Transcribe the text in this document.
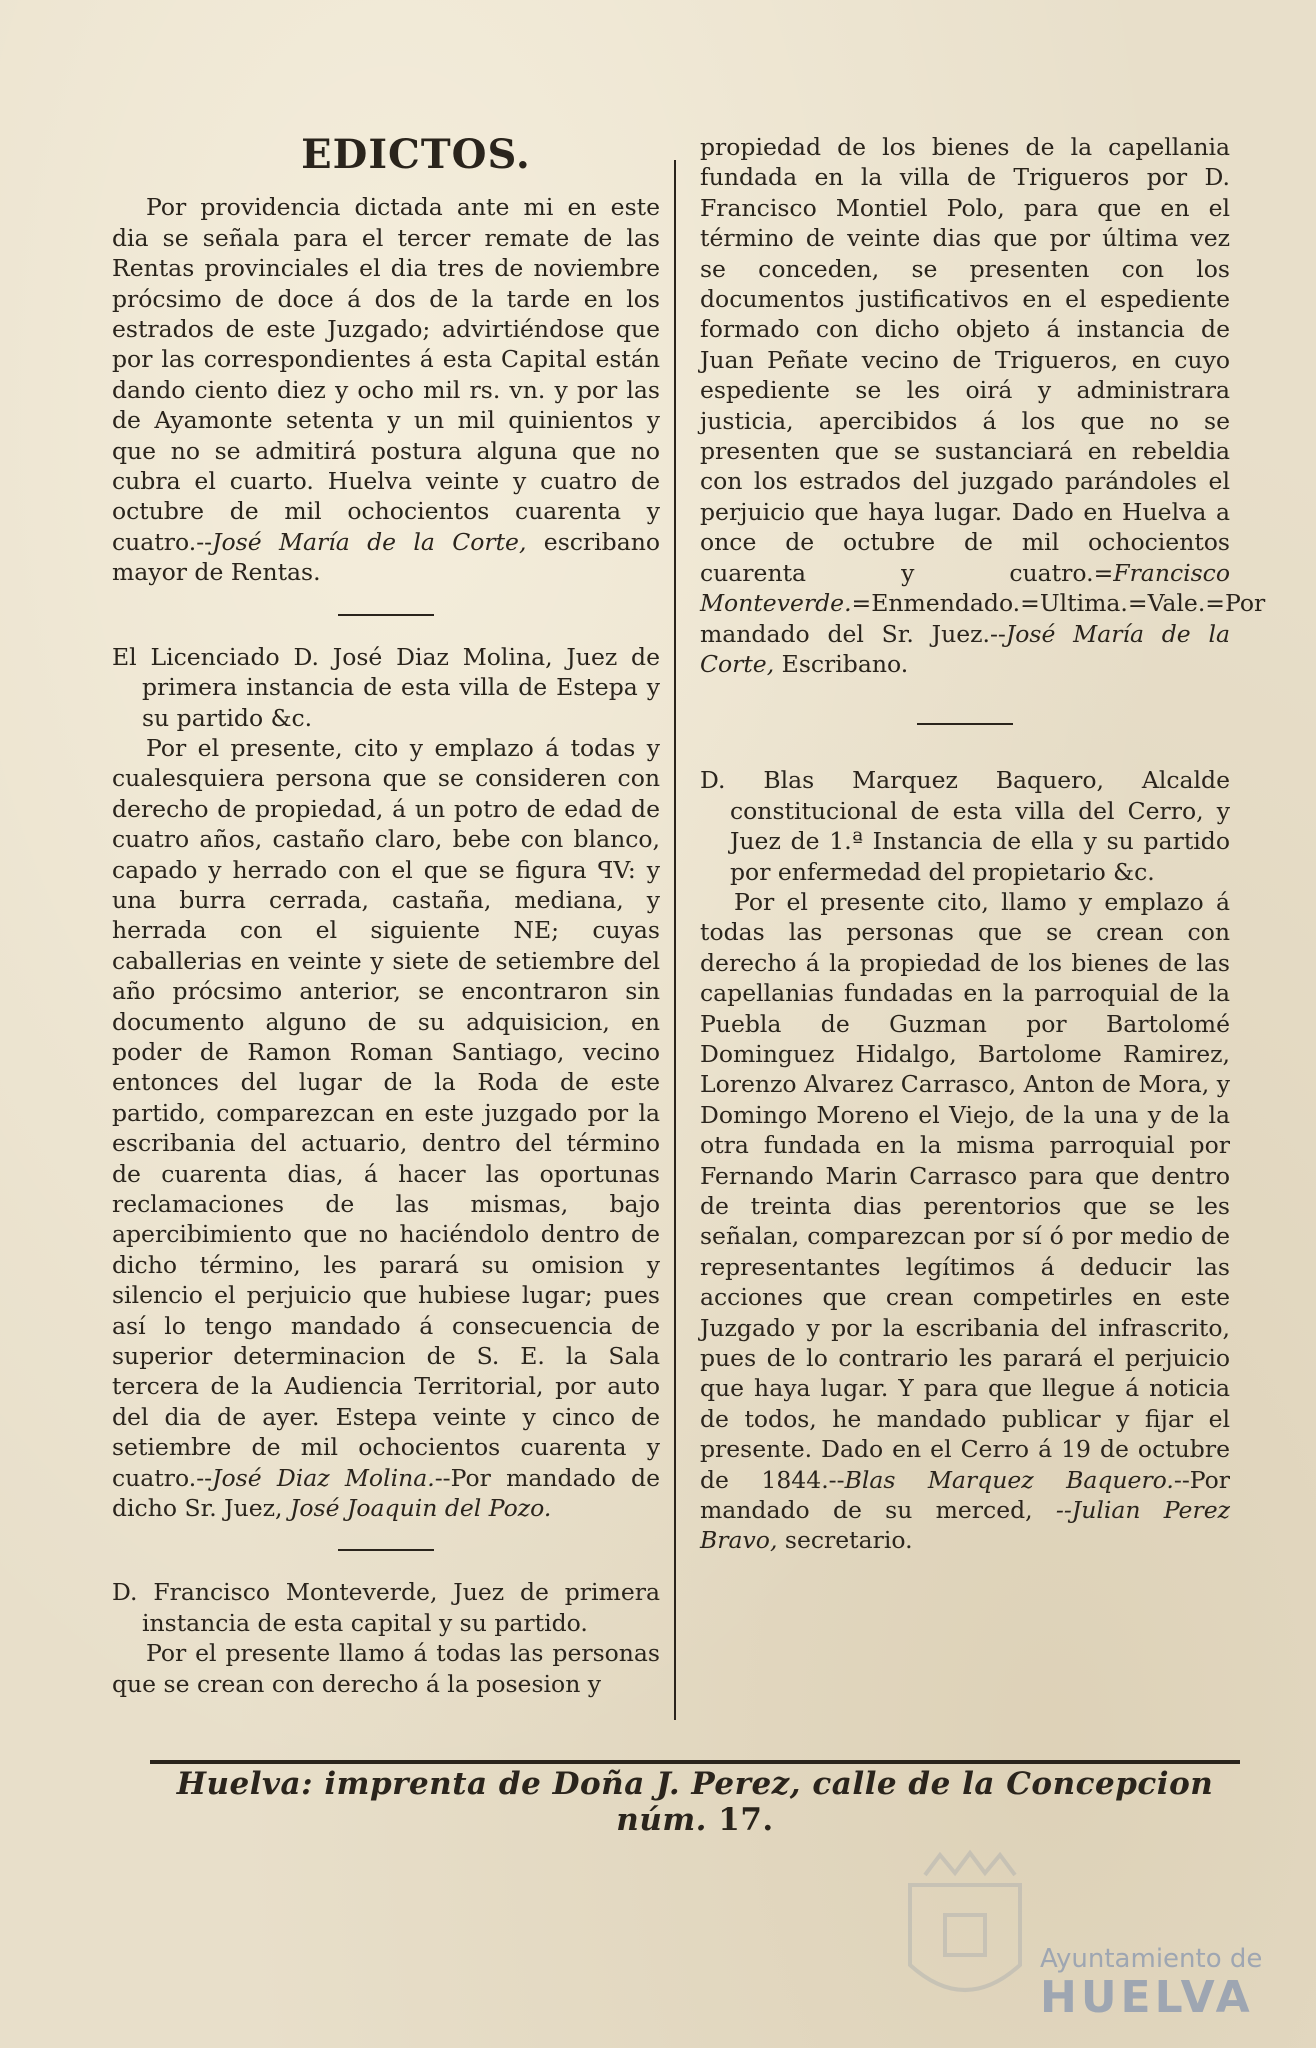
EDICTOS.

Por providencia dictada ante mi en este dia se señala para el tercer remate de las Rentas provinciales el dia tres de noviembre prócsimo de doce á dos de la tarde en los estrados de este Juzgado; advirtiéndose que por las correspondientes á esta Capital están dando ciento diez y ocho mil rs. vn. y por las de Ayamonte setenta y un mil quinientos y que no se admitirá postura alguna que no cubra el cuarto. Huelva veinte y cuatro de octubre de mil ochocientos cuarenta y cuatro.--José María de la Corte, escribano mayor de Rentas.

El Licenciado D. José Diaz Molina, Juez de primera instancia de esta villa de Estepa y su partido &c.

Por el presente, cito y emplazo á todas y cualesquiera persona que se consideren con derecho de propiedad, á un potro de edad de cuatro años, castaño claro, bebe con blanco, capado y herrado con el que se figura ꟼV: y una burra cerrada, castaña, mediana, y herrada con el siguiente NE; cuyas caballerias en veinte y siete de setiembre del año prócsimo anterior, se encontraron sin documento alguno de su adquisicion, en poder de Ramon Roman Santiago, vecino entonces del lugar de la Roda de este partido, comparezcan en este juzgado por la escribania del actuario, dentro del término de cuarenta dias, á hacer las oportunas reclamaciones de las mismas, bajo apercibimiento que no haciéndolo dentro de dicho término, les parará su omision y silencio el perjuicio que hubiese lugar; pues así lo tengo mandado á consecuencia de superior determinacion de S. E. la Sala tercera de la Audiencia Territorial, por auto del dia de ayer. Estepa veinte y cinco de setiembre de mil ochocientos cuarenta y cuatro.--José Diaz Molina.--Por mandado de dicho Sr. Juez, José Joaquin del Pozo.

D. Francisco Monteverde, Juez de primera instancia de esta capital y su partido.

Por el presente llamo á todas las personas que se crean con derecho á la posesion y

propiedad de los bienes de la capellania fundada en la villa de Trigueros por D. Francisco Montiel Polo, para que en el término de veinte dias que por última vez se conceden, se presenten con los documentos justificativos en el espediente formado con dicho objeto á instancia de Juan Peñate vecino de Trigueros, en cuyo espediente se les oirá y administrara justicia, apercibidos á los que no se presenten que se sustanciará en rebeldia con los estrados del juzgado parándoles el perjuicio que haya lugar. Dado en Huelva a once de octubre de mil ochocientos cuarenta y cuatro.=Francisco Monteverde.=Enmendado.=Ultima.=Vale.=Por mandado del Sr. Juez.--José María de la Corte, Escribano.

D. Blas Marquez Baquero, Alcalde constitucional de esta villa del Cerro, y Juez de 1.ª Instancia de ella y su partido por enfermedad del propietario &c.

Por el presente cito, llamo y emplazo á todas las personas que se crean con derecho á la propiedad de los bienes de las capellanias fundadas en la parroquial de la Puebla de Guzman por Bartolomé Dominguez Hidalgo, Bartolome Ramirez, Lorenzo Alvarez Carrasco, Anton de Mora, y Domingo Moreno el Viejo, de la una y de la otra fundada en la misma parroquial por Fernando Marin Carrasco para que dentro de treinta dias perentorios que se les señalan, comparezcan por sí ó por medio de representantes legítimos á deducir las acciones que crean competirles en este Juzgado y por la escribania del infrascrito, pues de lo contrario les parará el perjuicio que haya lugar. Y para que llegue á noticia de todos, he mandado publicar y fijar el presente. Dado en el Cerro á 19 de octubre de 1844.--Blas Marquez Baquero.--Por mandado de su merced, --Julian Perez Bravo, secretario.

Huelva: imprenta de Doña J. Perez, calle de la Concepcion núm. 17.
Ayuntamiento de
HUELVA
